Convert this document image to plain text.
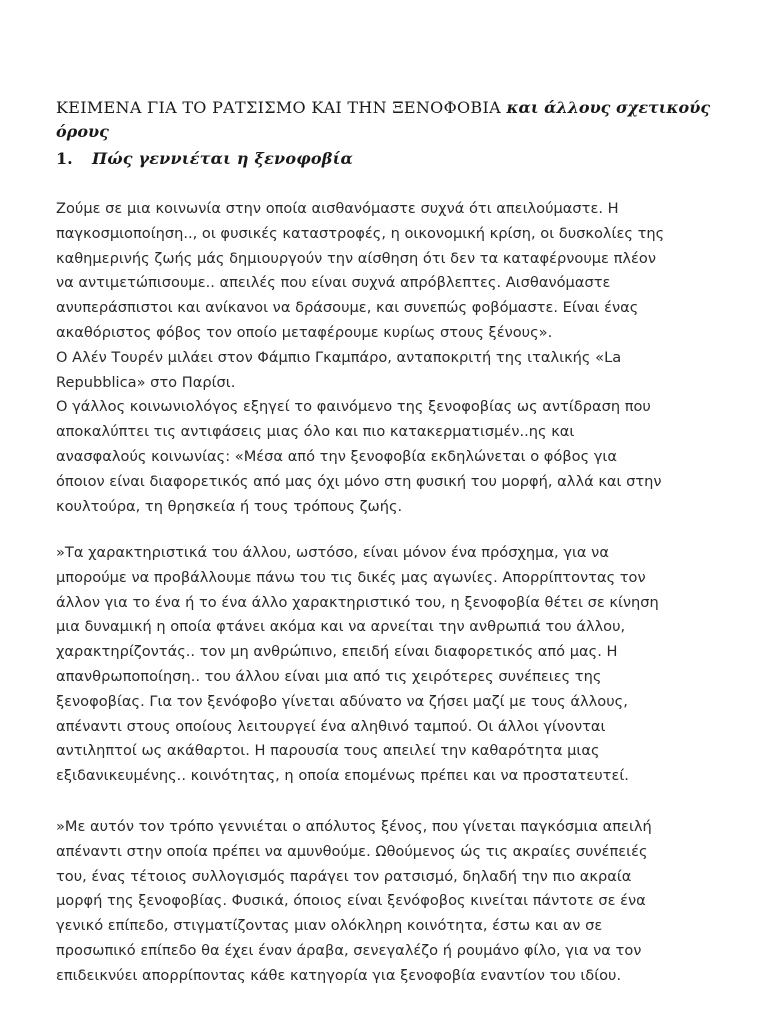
ΚΕΙΜΕΝΑ ΓΙΑ ΤΟ ΡΑΤΣΙΣΜΟ ΚΑΙ ΤΗΝ ΞΕΝΟΦΟΒΙΑ και άλλους σχετικούς
όρους
1. Πώς γεννιέται η ξενοφοβία
Ζούμε σε μια κοινωνία στην οποία αισθανόμαστε συχνά ότι απειλούμαστε. Η
παγκοσμιοποίηση.., οι φυσικές καταστροφές, η οικονομική κρίση, οι δυσκολίες της
καθημερινής ζωής μάς δημιουργούν την αίσθηση ότι δεν τα καταφέρνουμε πλέον
να αντιμετώπισουμε.. απειλές που είναι συχνά απρόβλεπτες. Αισθανόμαστε
ανυπεράσπιστοι και ανίκανοι να δράσουμε, και συνεπώς φοβόμαστε. Είναι ένας
ακαθόριστος φόβος τον οποίο μεταφέρουμε κυρίως στους ξένους».
Ο Αλέν Τουρέν μιλάει στον Φάμπιο Γκαμπάρο, ανταποκριτή της ιταλικής «La
Repubblica» στο Παρίσι.
Ο γάλλος κοινωνιολόγος εξηγεί το φαινόμενο της ξενοφοβίας ως αντίδραση που
αποκαλύπτει τις αντιφάσεις μιας όλο και πιο κατακερματισμέν..ης και
ανασφαλούς κοινωνίας: «Μέσα από την ξενοφοβία εκδηλώνεται ο φόβος για
όποιον είναι διαφορετικός από μας όχι μόνο στη φυσική του μορφή, αλλά και στην
κουλτούρα, τη θρησκεία ή τους τρόπους ζωής.
»Τα χαρακτηριστικά του άλλου, ωστόσο, είναι μόνον ένα πρόσχημα, για να
μπορούμε να προβάλλουμε πάνω του τις δικές μας αγωνίες. Απορρίπτοντας τον
άλλον για το ένα ή το ένα άλλο χαρακτηριστικό του, η ξενοφοβία θέτει σε κίνηση
μια δυναμική η οποία φτάνει ακόμα και να αρνείται την ανθρωπιά του άλλου,
χαρακτηρίζοντάς.. τον μη ανθρώπινο, επειδή είναι διαφορετικός από μας. Η
απανθρωποποίηση.. του άλλου είναι μια από τις χειρότερες συνέπειες της
ξενοφοβίας. Για τον ξενόφοβο γίνεται αδύνατο να ζήσει μαζί με τους άλλους,
απέναντι στους οποίους λειτουργεί ένα αληθινό ταμπού. Οι άλλοι γίνονται
αντιληπτοί ως ακάθαρτοι. Η παρουσία τους απειλεί την καθαρότητα μιας
εξιδανικευμένης.. κοινότητας, η οποία επομένως πρέπει και να προστατευτεί.
»Με αυτόν τον τρόπο γεννιέται ο απόλυτος ξένος, που γίνεται παγκόσμια απειλή
απέναντι στην οποία πρέπει να αμυνθούμε. Ωθούμενος ώς τις ακραίες συνέπειές
του, ένας τέτοιος συλλογισμός παράγει τον ρατσισμό, δηλαδή την πιο ακραία
μορφή της ξενοφοβίας. Φυσικά, όποιος είναι ξενόφοβος κινείται πάντοτε σε ένα
γενικό επίπεδο, στιγματίζοντας μιαν ολόκληρη κοινότητα, έστω και αν σε
προσωπικό επίπεδο θα έχει έναν άραβα, σενεγαλέζο ή ρουμάνο φίλο, για να τον
επιδεικνύει απορρίποντας κάθε κατηγορία για ξενοφοβία εναντίον του ιδίου.
